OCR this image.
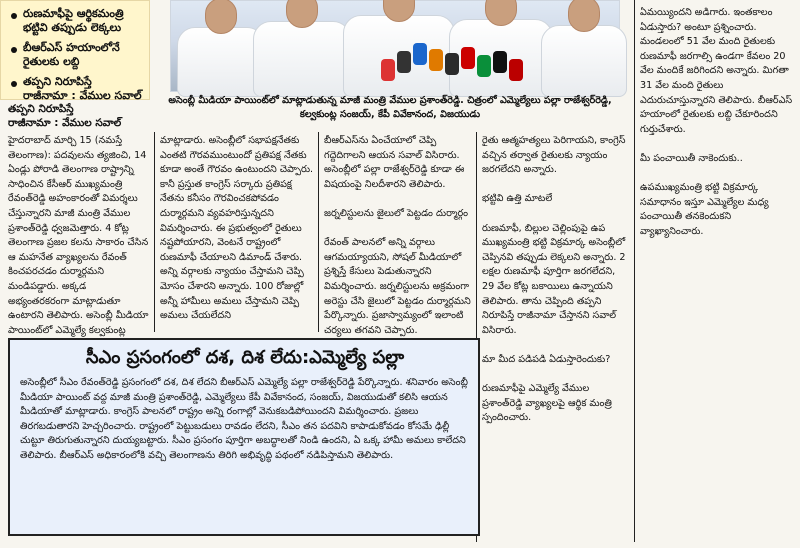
రుణమాఫీపై ఆర్థికమంత్రి
భట్టివి తప్పుడు లెక్కలు
బీఆర్ఎస్ హయాంలోనే
రైతులకు లబ్ది
తప్పని నిరూపిస్తే
రాజీనామా : వేముల సవాల్	అసెంబ్లీ మీడియా పాయింట్‌లో మాట్లాడుతున్న మాజీ మంత్రి వేముల ప్రశాంత్‌రెడ్డి. చిత్రంలో ఎమ్మెల్యేలు పల్లా రాజేశ్వర్‌రెడ్డి,
కల్వకుంట్ల సంజయ్, కేపీ వివేకానంద, విజయుడు
తప్పని నిరూపిస్తే
రాజీనామా : వేముల సవాల్
హైదరాబాద్‌ మార్చి 15 (నమస్తే తెలంగాణ): పదవులను త్యజించి, 14 ఏండ్లు పోరాడి తెలంగాణ రాష్ట్రాన్ని సాధించిన కేసీఆర్‌ ముఖ్యమంత్రి రేవంత్‌రెడ్డి అహంకారంతో విమర్శలు చేస్తున్నారని మాజీ మంత్రి వేముల ప్రశాంత్‌రెడ్డి ధ్వజమెత్తారు. 4 కోట్ల తెలంగాణ ప్రజల కలను సాకారం చేసిన ఆ మహనేత వ్యాఖ్యలను రేవంత్‌ కించపరచడం దుర్మార్గమని మండిపడ్డారు. అక్కడ అభ్యంతరకరంగా మాట్లాడుతూ ఉంటారని తెలిపారు. అసెంబ్లీ మీడియా పాయింట్‌లో ఎమ్మెల్యే కల్వకుంట్ల
మాట్లాడారు. అసెంబ్లీలో సభాపక్షనేతకు ఎంతటి గౌరవముంటుందో ప్రతిపక్ష నేతకు కూడా అంతే గౌరవం ఉంటుందని చెప్పారు. కానీ ప్రస్తుత కాంగ్రెస్‌ సర్కారు ప్రతిపక్ష నేతను కనీసం గౌరవించకపోవడం దుర్మార్గమని వ్యవహరిస్తున్నదని విమర్శించారు. ఈ ప్రభుత్వంలో రైతులు నష్టపోయారని, వెంటనే రాష్ట్రంలో రుణమాఫీ చేయాలని డిమాండ్‌ చేశారు. అన్ని వర్గాలకు న్యాయం చేస్తామని చెప్పి మోసం చేశారని అన్నారు. 100 రోజుల్లో అన్నీ హామీలు అమలు చేస్తామని చెప్పి అమలు చేయలేదని
బీఆర్‌ఎస్‌ను ఏంచేయాలో చెప్పి గద్దెదిగాలని ఆయన సవాల్‌ విసిరారు. అసెంబ్లీలో పల్లా రాజేశ్వర్‌రెడ్డి కూడా ఈ విషయంపై నిలదీశారని తెలిపారు.

జర్నలిస్టులను జైలులో పెట్టడం దుర్మార్గం

రేవంత్‌ పాలనలో అన్ని వర్గాలు ఆగమయ్యాయని, సోషల్‌ మీడియాలో ప్రశ్నిస్తే కేసులు పెడుతున్నారని విమర్శించారు. జర్నలిస్టులను అక్రమంగా అరెస్టు చేసి జైలులో పెట్టడం దుర్మార్గమని పేర్కొన్నారు. ప్రజాస్వామ్యంలో ఇలాంటి చర్యలు తగవని చెప్పారు.
రైతు ఆత్మహత్యలు పెరిగాయని, కాంగ్రెస్‌ వచ్చిన తర్వాత రైతులకు న్యాయం జరగలేదని అన్నారు.

భట్టివి ఉత్తి మాటలే

రుణమాఫీ, బిల్లుల చెల్లింపుపై ఉప ముఖ్యమంత్రి భట్టి విక్రమార్క అసెంబ్లీలో చెప్పినవి తప్పుడు లెక్కలని అన్నారు. 2 లక్షల రుణమాఫీ పూర్తిగా జరగలేదని, 29 వేల కోట్ల బకాయిలు ఉన్నాయని తెలిపారు. తాను చెప్పింది తప్పని నిరూపిస్తే రాజీనామా చేస్తానని సవాల్‌ విసిరారు.

మా మీద పడిపడి ఏడుస్తారెందుకు?

రుణమాఫీపై ఎమ్మెల్యే వేముల ప్రశాంత్‌రెడ్డి వ్యాఖ్యలపై ఆర్థిక మంత్రి స్పందించారు.
ఏమయ్యిందని అడిగారు. ఇంతకాలం ఏడుస్తారు? అంటూ ప్రశ్నించారు. మండలంలో 51 వేల మంది రైతులకు రుణమాఫీ జరగాల్సి ఉండగా కేవలం 20 వేల మందికే జరిగిందని అన్నారు. మిగతా 31 వేల మంది రైతులు ఎదురుచూస్తున్నారని తెలిపారు. బీఆర్‌ఎస్‌ హయాంలో రైతులకు లబ్ది చేకూరిందని గుర్తుచేశారు.

మీ పంచాయితీ నాకెందుకు..

ఉపముఖ్యమంత్రి భట్టి విక్రమార్క సమాధానం ఇస్తూ ఎమ్మెల్యేల మధ్య పంచాయితీ తనకెందుకని వ్యాఖ్యానించారు.
సీఎం ప్రసంగంలో దశ, దిశ లేదు:ఎమ్మెల్యే పల్లా
అసెంబ్లీలో సీఎం రేవంత్‌రెడ్డి ప్రసంగంలో దశ, దిశ లేదని బీఆర్ఎస్ ఎమ్మెల్యే పల్లా రాజేశ్వర్‌రెడ్డి పేర్కొన్నారు. శనివారం అసెంబ్లీ మీడియా పాయింట్‌ వద్ద మాజీ మంత్రి ప్రశాంత్‌రెడ్డి, ఎమ్మెల్యేలు కేపీ వివేకానంద, సంజయ్, విజయుడుతో కలిసి ఆయన మీడియాతో మాట్లాడారు. కాంగ్రెస్ పాలనలో రాష్ట్రం అన్ని రంగాల్లో వెనుకబడిపోయిందని విమర్శించారు. ప్రజలు తిరగబడుతారని హెచ్చరించారు. రాష్ట్రంలో పెట్టుబడులు రావడం లేదని, సీఎం తన పదవిని కాపాడుకోవడం కోసమే ఢిల్లీ చుట్టూ తిరుగుతున్నారని దుయ్యబట్టారు. సీఎం ప్రసంగం పూర్తిగా అబద్ధాలతో నిండి ఉందని, ఏ ఒక్క హామీ అమలు కాలేదని తెలిపారు. బీఆర్ఎస్ అధికారంలోకి వచ్చి తెలంగాణను తిరిగి అభివృద్ధి పథంలో నడిపిస్తామని తెలిపారు.
